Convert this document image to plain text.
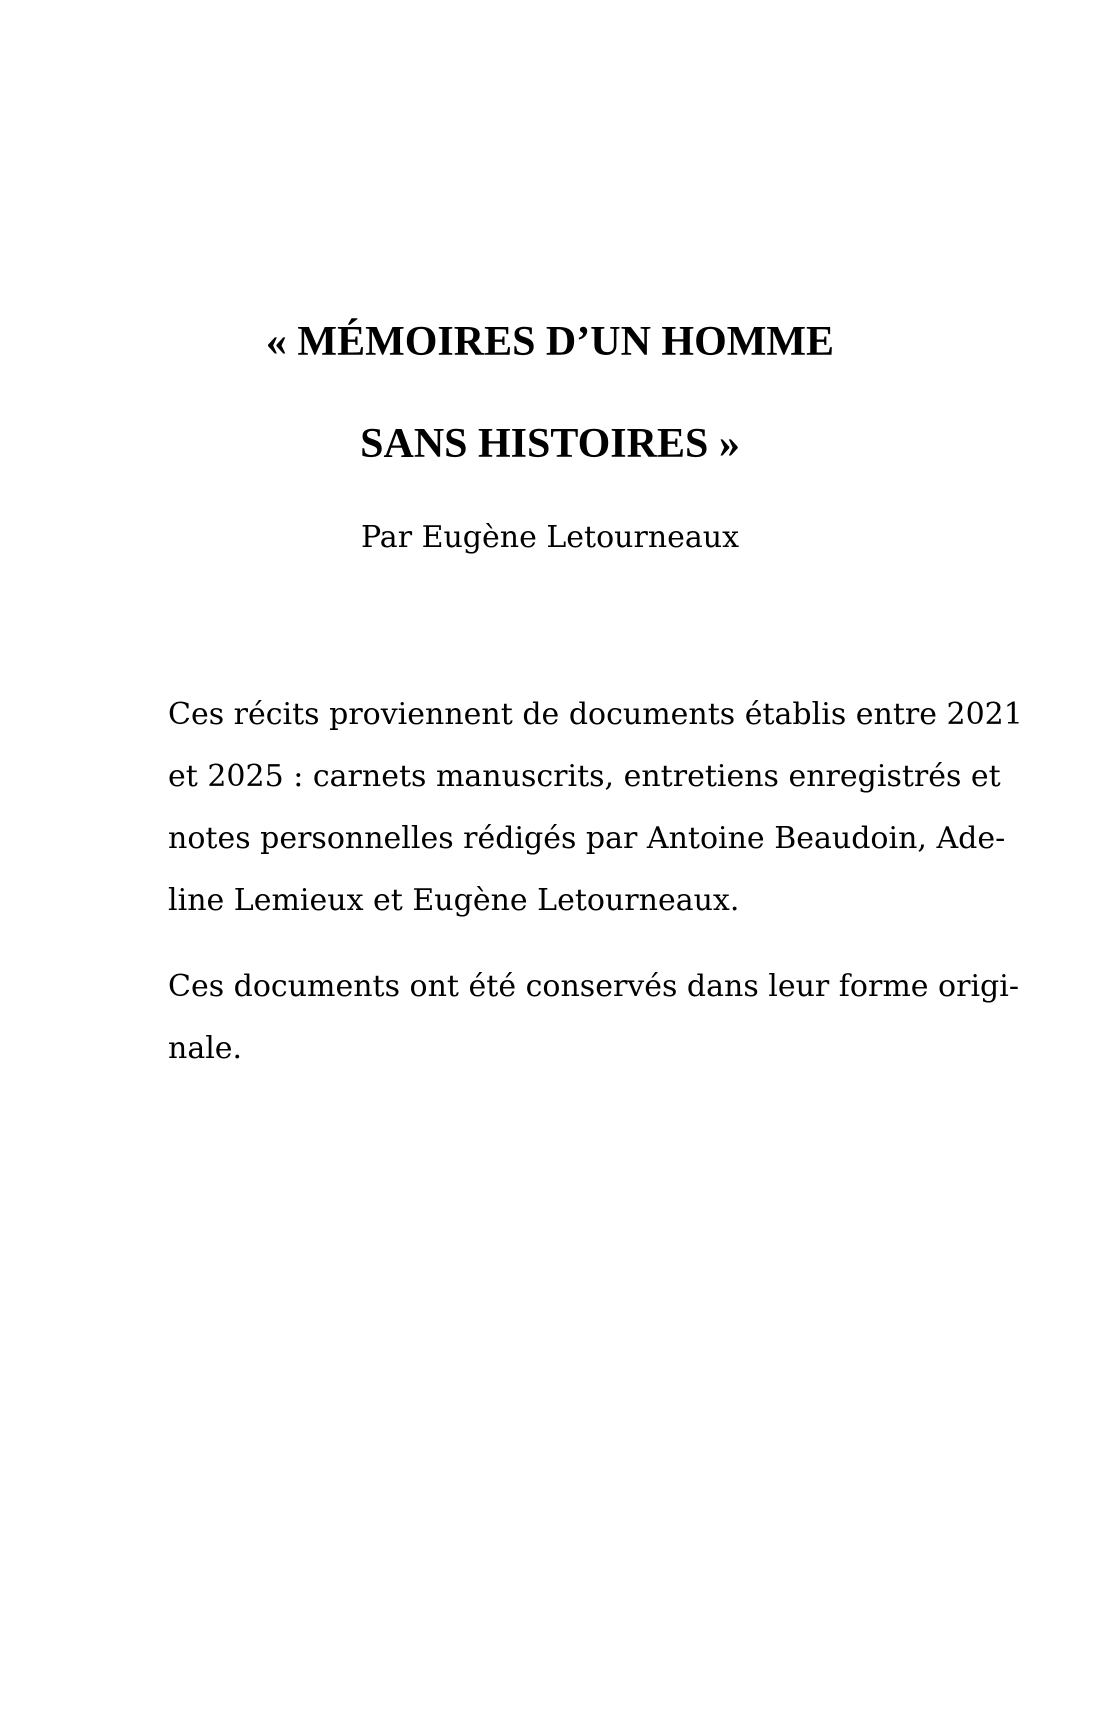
« MÉMOIRES D’UN HOMME
SANS HISTOIRES »
Par Eugène Letourneaux
Ces récits proviennent de documents établis entre 2021
et 2025 : carnets manuscrits, entretiens enregistrés et
notes personnelles rédigés par Antoine Beaudoin, Ade-
line Lemieux et Eugène Letourneaux.
Ces documents ont été conservés dans leur forme origi-
nale.
